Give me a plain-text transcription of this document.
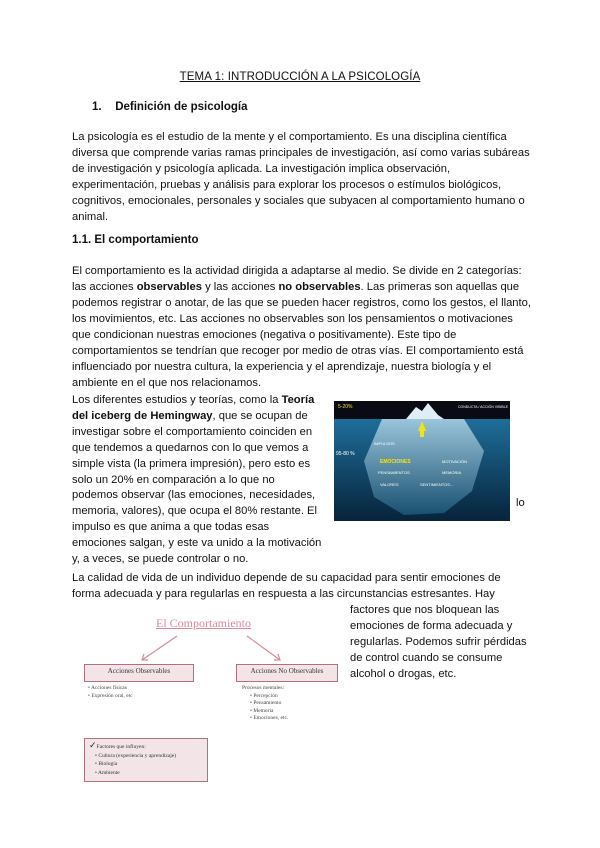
TEMA 1: INTRODUCCIÓN A LA PSICOLOGÍA
1. Definición de psicología
La psicología es el estudio de la mente y el comportamiento. Es una disciplina científica diversa que comprende varias ramas principales de investigación, así como varias subáreas de investigación y psicología aplicada. La investigación implica observación, experimentación, pruebas y análisis para explorar los procesos o estímulos biológicos, cognitivos, emocionales, personales y sociales que subyacen al comportamiento humano o animal.
1.1. El comportamiento
El comportamiento es la actividad dirigida a adaptarse al medio. Se divide en 2 categorías: las acciones observables y las acciones no observables. Las primeras son aquellas que podemos registrar o anotar, de las que se pueden hacer registros, como los gestos, el llanto, los movimientos, etc. Las acciones no observables son los pensamientos o motivaciones que condicionan nuestras emociones (negativa o positivamente). Este tipo de comportamientos se tendrían que recoger por medio de otras vías. El comportamiento está influenciado por nuestra cultura, la experiencia y el aprendizaje, nuestra biología y el ambiente en el que nos relacionamos.
Los diferentes estudios y teorías, como la Teoría del iceberg de Hemingway, que se ocupan de investigar sobre el comportamiento coinciden en que tendemos a quedarnos con lo que vemos a simple vista (la primera impresión), pero esto es solo un 20% en comparación a lo que no podemos observar (las emociones, necesidades, memoria, valores), que ocupa el 80% restante. El impulso es que anima a que todas esas emociones salgan, y este va unido a la motivación y, a veces, se puede controlar o no.
lo
5-20%
95-80 %
CONDUCTA / ACCIÓN VISIBLE
IMPULSOS
EMOCIONES	MOTIVACIÓN
PENSAMIENTOS	MEMORIA
VALORES	SENTIMIENTOS...
La calidad de vida de un individuo depende de su capacidad para sentir emociones de forma adecuada y para regularlas en respuesta a las circunstancias estresantes. Hay
factores que nos bloquean las emociones de forma adecuada y regularlas. Podemos sufrir pérdidas de control cuando se consume alcohol o drogas, etc.
El Comportamiento
Acciones Observables	Acciones No Observables
• Acciones físicas
• Expresión oral, etc
Procesos mentales:
• Percepción
• Pensamiento
• Memoria
• Emociones, etc.
✓Factores que influyen:
• Cultura (experiencia y aprendizaje)
• Biología
• Ambiente
